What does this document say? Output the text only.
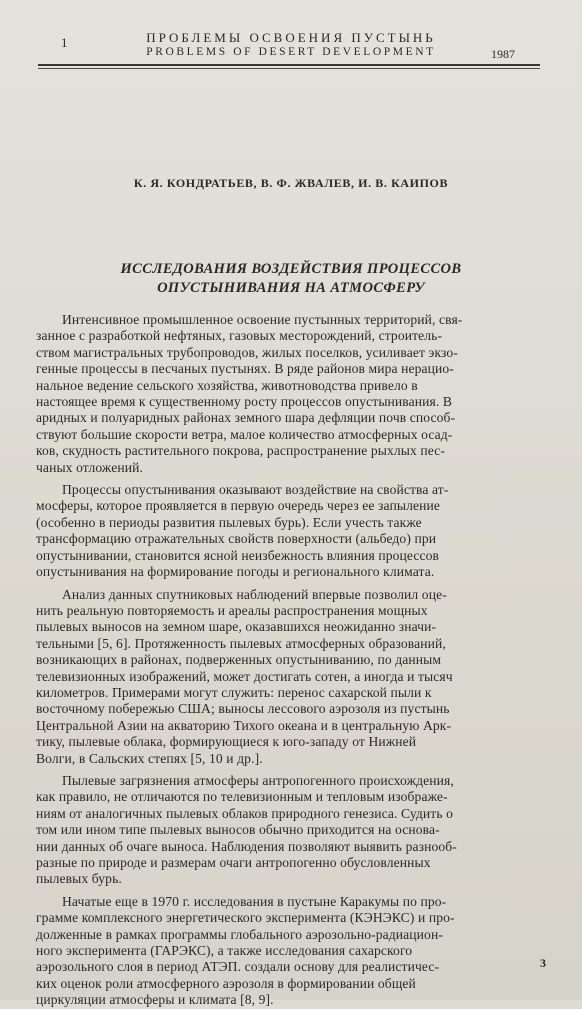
1	ПРОБЛЕМЫ ОСВОЕНИЯ ПУСТЫНЬ
PROBLEMS OF DESERT DEVELOPMENT	1987
К. Я. КОНДРАТЬЕВ, В. Ф. ЖВАЛЕВ, И. В. КАИПОВ
ИССЛЕДОВАНИЯ ВОЗДЕЙСТВИЯ ПРОЦЕССОВ
ОПУСТЫНИВАНИЯ НА АТМОСФЕРУ
Интенсивное промышленное освоение пустынных территорий, свя-
занное с разработкой нефтяных, газовых месторождений, строитель-
ством магистральных трубопроводов, жилых поселков, усиливает экзо-
генные процессы в песчаных пустынях. В ряде районов мира нерацио-
нальное ведение сельского хозяйства, животноводства привело в
настоящее время к существенному росту процессов опустынивания. В
аридных и полуаридных районах земного шара дефляции почв способ-
ствуют большие скорости ветра, малое количество атмосферных осад-
ков, скудность растительного покрова, распространение рыхлых пес-
чаных отложений.
Процессы опустынивания оказывают воздействие на свойства ат-
мосферы, которое проявляется в первую очередь через ее запыление
(особенно в периоды развития пылевых бурь). Если учесть также
трансформацию отражательных свойств поверхности (альбедо) при
опустынивании, становится ясной неизбежность влияния процессов
опустынивания на формирование погоды и регионального климата.
Анализ данных спутниковых наблюдений впервые позволил оце-
нить реальную повторяемость и ареалы распространения мощных
пылевых выносов на земном шаре, оказавшихся неожиданно значи-
тельными [5, 6]. Протяженность пылевых атмосферных образований,
возникающих в районах, подверженных опустыниванию, по данным
телевизионных изображений, может достигать сотен, а иногда и тысяч
километров. Примерами могут служить: перенос сахарской пыли к
восточному побережью США; выносы лессового аэрозоля из пустынь
Центральной Азии на акваторию Тихого океана и в центральную Арк-
тику, пылевые облака, формирующиеся к юго-западу от Нижней
Волги, в Сальских степях [5, 10 и др.].
Пылевые загрязнения атмосферы антропогенного происхождения,
как правило, не отличаются по телевизионным и тепловым изображе-
ниям от аналогичных пылевых облаков природного генезиса. Судить о
том или ином типе пылевых выносов обычно приходится на основа-
нии данных об очаге выноса. Наблюдения позволяют выявить разнооб-
разные по природе и размерам очаги антропогенно обусловленных
пылевых бурь.
Начатые еще в 1970 г. исследования в пустыне Каракумы по про-
грамме комплексного энергетического эксперимента (КЭНЭКС) и про-
долженные в рамках программы глобального аэрозольно-радиацион-
ного эксперимента (ГАРЭКС), а также исследования сахарского
аэрозольного слоя в период АТЭП. создали основу для реалистичес-
ких оценок роли атмосферного аэрозоля в формировании общей
циркуляции атмосферы и климата [8, 9].
3
